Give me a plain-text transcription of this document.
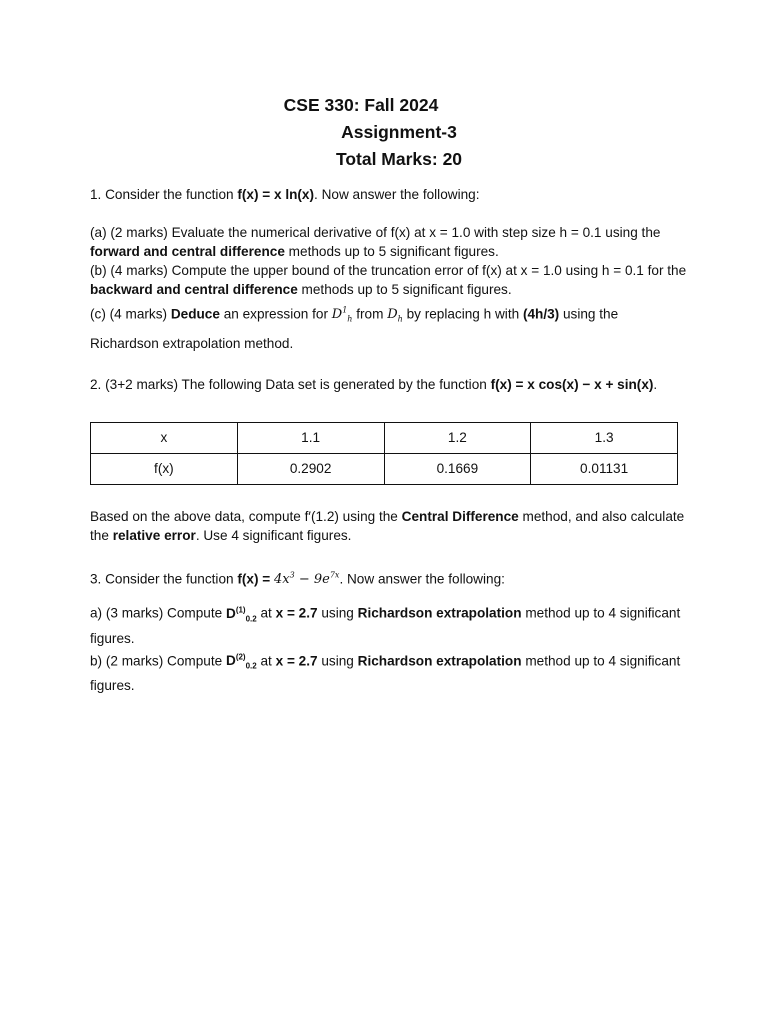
CSE 330: Fall 2024
Assignment-3
Total Marks: 20

1. Consider the function f(x) = x ln(x). Now answer the following:

(a) (2 marks) Evaluate the numerical derivative of f(x) at x = 1.0 with step size h = 0.1 using the forward and central difference methods up to 5 significant figures.

(b) (4 marks) Compute the upper bound of the truncation error of f(x) at x = 1.0 using h = 0.1 for the backward and central difference methods up to 5 significant figures.

(c) (4 marks) Deduce an expression for $D^1_h$ from $D_h$ by replacing h with (4h/3) using the Richardson extrapolation method.

2. (3+2 marks) The following Data set is generated by the function f(x) = x cos(x) − x + sin(x).

x	1.1	1.2	1.3
f(x)	0.2902	0.1669	0.01131

Based on the above data, compute f′(1.2) using the Central Difference method, and also calculate the relative error. Use 4 significant figures.

3. Consider the function $f(x) = 4x^3 - 9e^{7x}$. Now answer the following:

a) (3 marks) Compute $D^{(1)}_{0.2}$ at x = 2.7 using Richardson extrapolation method up to 4 significant figures.

b) (2 marks) Compute $D^{(2)}_{0.2}$ at x = 2.7 using Richardson extrapolation method up to 4 significant figures.
